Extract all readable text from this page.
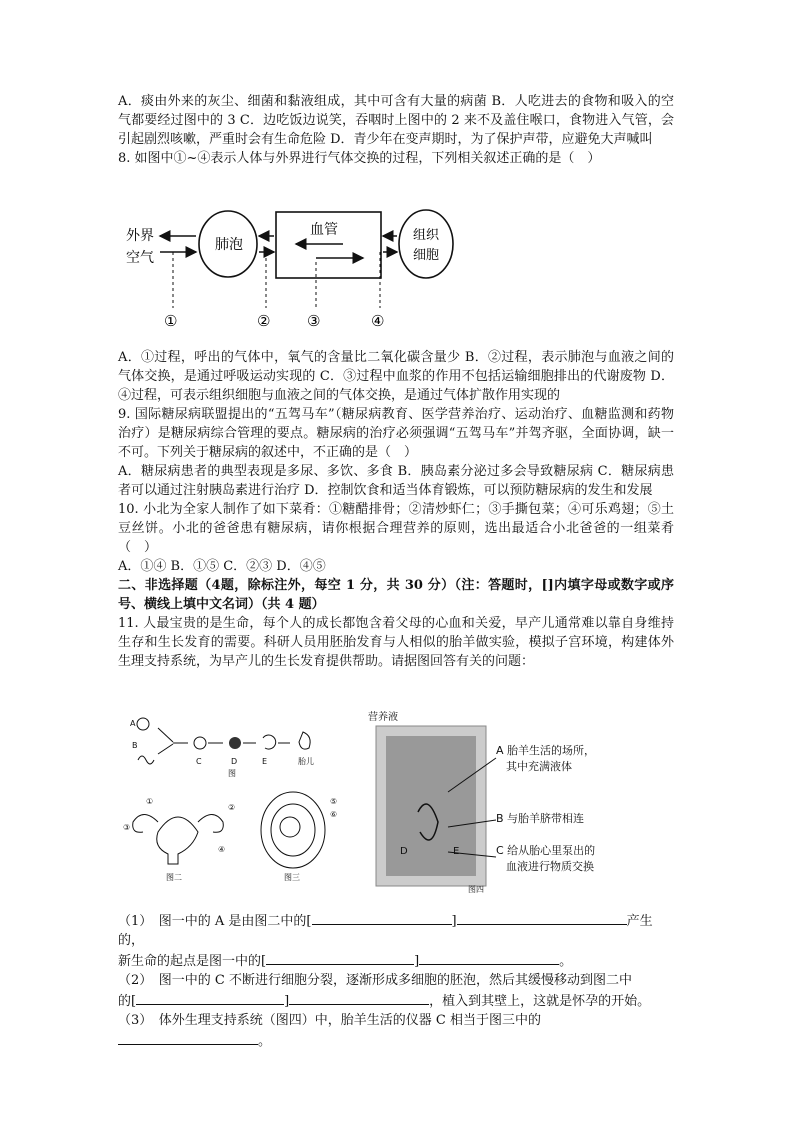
A．痰由外来的灰尘、细菌和黏液组成，其中可含有大量的病菌 B．人吃进去的食物和吸入的空气都要经过图中的 3 C．边吃饭边说笑，吞咽时上图中的 2 来不及盖住喉口，食物进入气管，会引起剧烈咳嗽，严重时会有生命危险 D．青少年在变声期时，为了保护声带，应避免大声喊叫

8. 如图中①~④表示人体与外界进行气体交换的过程，下列相关叙述正确的是（　）

外界
空气
肺泡
血管	组织
细胞
①	② ③	④

A．①过程，呼出的气体中，氧气的含量比二氧化碳含量少 B．②过程，表示肺泡与血液之间的气体交换，是通过呼吸运动实现的 C．③过程中血浆的作用不包括运输细胞排出的代谢废物 D．④过程，可表示组织细胞与血液之间的气体交换，是通过气体扩散作用实现的

9. 国际糖尿病联盟提出的“五驾马车”（糖尿病教育、医学营养治疗、运动治疗、血糖监测和药物治疗）是糖尿病综合管理的要点。糖尿病的治疗必须强调“五驾马车”并驾齐驱，全面协调，缺一不可。下列关于糖尿病的叙述中，不正确的是（　）

A．糖尿病患者的典型表现是多尿、多饮、多食 B．胰岛素分泌过多会导致糖尿病 C．糖尿病患者可以通过注射胰岛素进行治疗 D．控制饮食和适当体育锻炼，可以预防糖尿病的发生和发展

10. 小北为全家人制作了如下菜肴：①糖醋排骨；②清炒虾仁；③手撕包菜；④可乐鸡翅；⑤土豆丝饼。小北的爸爸患有糖尿病，请你根据合理营养的原则，选出最适合小北爸爸的一组菜肴（　）

A．①④ B．①⑤ C．②③ D．④⑤

二、非选择题（4题，除标注外，每空 1 分，共 30 分）（注：答题时，[]内填字母或数字或序号、横线上填中文名词）（共 4 题）

11. 人最宝贵的是生命，每个人的成长都饱含着父母的心血和关爱，早产儿通常难以靠自身维持生存和生长发育的需要。科研人员用胚胎发育与人相似的胎羊做实验，模拟子宫环境，构建体外生理支持系统，为早产儿的生长发育提供帮助。请据图回答有关的问题：

A
B
C	D	E	胎儿
图
①
②
③
④
图二
⑤
⑥
图三
营养液
D	E
A 胎羊生活的场所，
其中充满液体
B 与胎羊脐带相连
C 给从胎心里泵出的
血液进行物质交换
图四
（1）　图一中的 A 是由图二中的[	]	产生的，
新生命的起点是图一中的[	]	。
（2）　图一中的 C 不断进行细胞分裂，逐渐形成多细胞的胚泡，然后其缓慢移动到图二中
的[	]	，植入到其壁上，这就是怀孕的开始。
（3）　体外生理支持系统（图四）中，胎羊生活的仪器 C 相当于图三中的
。
